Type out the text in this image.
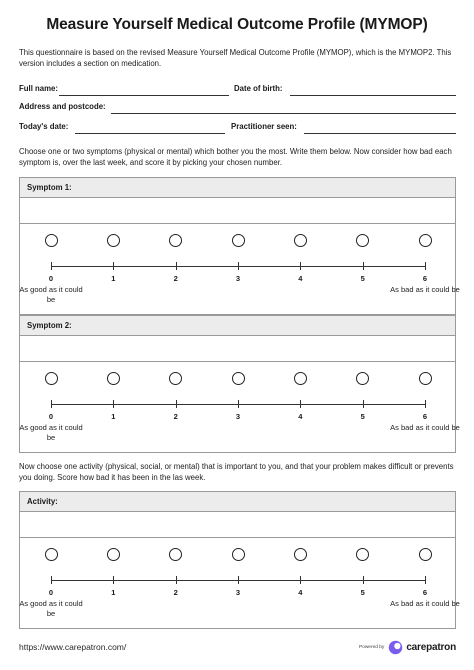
Measure Yourself Medical Outcome Profile (MYMOP)
This questionnaire is based on the revised Measure Yourself Medical Outcome Profile (MYMOP), which is the MYMOP2. This version includes a section on medication.
Full name:	Date of birth:
Address and postcode:
Today's date:	Practitioner seen:
Choose one or two symptoms (physical or mental) which bother you the most. Write them below. Now consider how bad each symptom is, over the last week, and score it by picking your chosen number.
Symptom 1:
0	1	2	3	4	5	6
As good as it could be
As bad as it could be
Symptom 2:
0	1	2	3	4	5	6
As good as it could be
As bad as it could be
Now choose one activity (physical, social, or mental) that is important to you, and that your problem makes difficult or prevents you doing. Score how bad it has been in the las week.
Activity:
0	1	2	3	4	5	6
As good as it could be
As bad as it could be
https://www.carepatron.com/	Powered by carepatron
